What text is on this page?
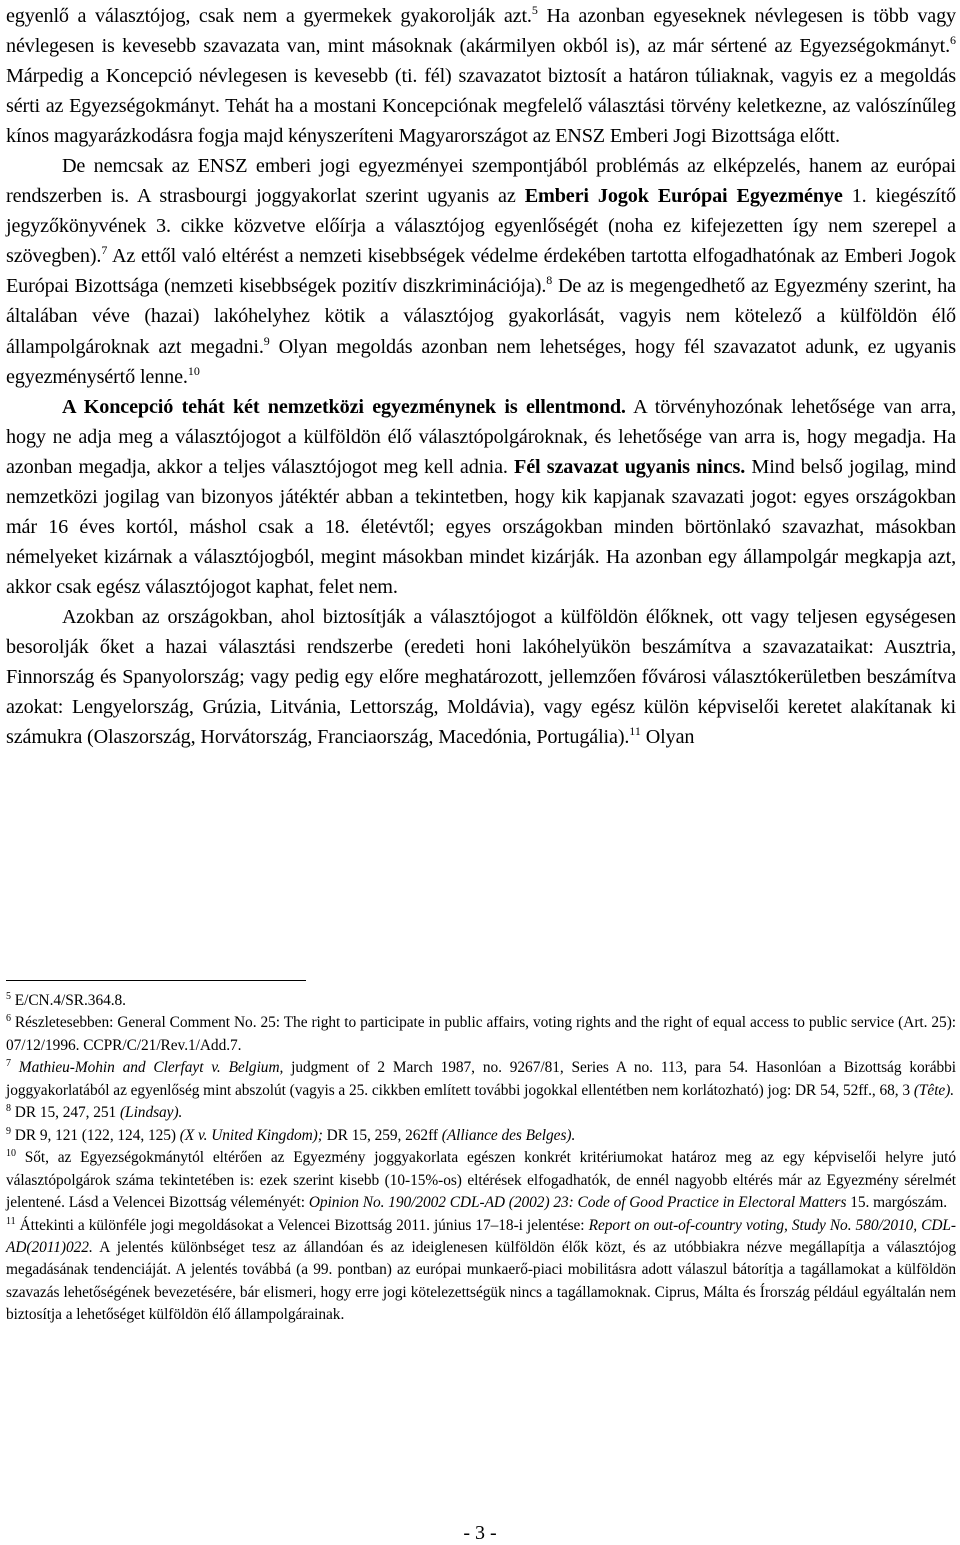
egyenlő a választójog, csak nem a gyermekek gyakorolják azt.$^5$ Ha azonban egyeseknek névlegesen is több vagy névlegesen is kevesebb szavazata van, mint másoknak (akármilyen okból is), az már sértené az Egyezségokmányt.$^6$ Márpedig a Koncepció névlegesen is kevesebb (ti. fél) szavazatot biztosít a határon túliaknak, vagyis ez a megoldás sérti az Egyezségokmányt. Tehát ha a mostani Koncepciónak megfelelő választási törvény keletkezne, az valószínűleg kínos magyarázkodásra fogja majd kényszeríteni Magyarországot az ENSZ Emberi Jogi Bizottsága előtt.

De nemcsak az ENSZ emberi jogi egyezményei szempontjából problémás az elképzelés, hanem az európai rendszerben is. A strasbourgi joggyakorlat szerint ugyanis az Emberi Jogok Európai Egyezménye 1. kiegészítő jegyzőkönyvének 3. cikke közvetve előírja a választójog egyenlőségét (noha ez kifejezetten így nem szerepel a szövegben).$^7$ Az ettől való eltérést a nemzeti kisebbségek védelme érdekében tartotta elfogadhatónak az Emberi Jogok Európai Bizottsága (nemzeti kisebbségek pozitív diszkriminációja).$^8$ De az is megengedhető az Egyezmény szerint, ha általában véve (hazai) lakóhelyhez kötik a választójog gyakorlását, vagyis nem kötelező a külföldön élő állampolgároknak azt megadni.$^9$ Olyan megoldás azonban nem lehetséges, hogy fél szavazatot adunk, ez ugyanis egyezménysértő lenne.$^{10}$

A Koncepció tehát két nemzetközi egyezménynek is ellentmond. A törvényhozónak lehetősége van arra, hogy ne adja meg a választójogot a külföldön élő választópolgároknak, és lehetősége van arra is, hogy megadja. Ha azonban megadja, akkor a teljes választójogot meg kell adnia. Fél szavazat ugyanis nincs. Mind belső jogilag, mind nemzetközi jogilag van bizonyos játéktér abban a tekintetben, hogy kik kapjanak szavazati jogot: egyes országokban már 16 éves kortól, máshol csak a 18. életévtől; egyes országokban minden börtönlakó szavazhat, másokban némelyeket kizárnak a választójogból, megint másokban mindet kizárják. Ha azonban egy állampolgár megkapja azt, akkor csak egész választójogot kaphat, felet nem.

Azokban az országokban, ahol biztosítják a választójogot a külföldön élőknek, ott vagy teljesen egységesen besorolják őket a hazai választási rendszerbe (eredeti honi lakóhelyükön beszámítva a szavazataikat: Ausztria, Finnország és Spanyolország; vagy pedig egy előre meghatározott, jellemzően fővárosi választókerületben beszámítva azokat: Lengyelország, Grúzia, Litvánia, Lettország, Moldávia), vagy egész külön képviselői keretet alakítanak ki számukra (Olaszország, Horvátország, Franciaország, Macedónia, Portugália).$^{11}$ Olyan

$^5$ E/CN.4/SR.364.8.

$^6$ Részletesebben: General Comment No. 25: The right to participate in public affairs, voting rights and the right of equal access to public service (Art. 25): 07/12/1996. CCPR/C/21/Rev.1/Add.7.

$^7$ Mathieu-Mohin and Clerfayt v. Belgium, judgment of 2 March 1987, no. 9267/81, Series A no. 113, para 54. Hasonlóan a Bizottság korábbi joggyakorlatából az egyenlőség mint abszolút (vagyis a 25. cikkben említett további jogokkal ellentétben nem korlátozható) jog: DR 54, 52ff., 68, 3 (Tête).

$^8$ DR 15, 247, 251 (Lindsay).

$^9$ DR 9, 121 (122, 124, 125) (X v. United Kingdom); DR 15, 259, 262ff (Alliance des Belges).

$^{10}$ Sőt, az Egyezségokmánytól eltérően az Egyezmény joggyakorlata egészen konkrét kritériumokat határoz meg az egy képviselői helyre jutó választópolgárok száma tekintetében is: ezek szerint kisebb (10-15%-os) eltérések elfogadhatók, de ennél nagyobb eltérés már az Egyezmény sérelmét jelentené. Lásd a Velencei Bizottság véleményét: Opinion No. 190/2002 CDL-AD (2002) 23: Code of Good Practice in Electoral Matters 15. margószám.

$^{11}$ Áttekinti a különféle jogi megoldásokat a Velencei Bizottság 2011. június 17–18-i jelentése: Report on out-of-country voting, Study No. 580/2010, CDL-AD(2011)022. A jelentés különbséget tesz az állandóan és az ideiglenesen külföldön élők közt, és az utóbbiakra nézve megállapítja a választójog megadásának tendenciáját. A jelentés továbbá (a 99. pontban) az európai munkaerő-piaci mobilitásra adott válaszul bátorítja a tagállamokat a külföldön szavazás lehetőségének bevezetésére, bár elismeri, hogy erre jogi kötelezettségük nincs a tagállamoknak. Ciprus, Málta és Írország például egyáltalán nem biztosítja a lehetőséget külföldön élő állampolgárainak.

- 3 -
